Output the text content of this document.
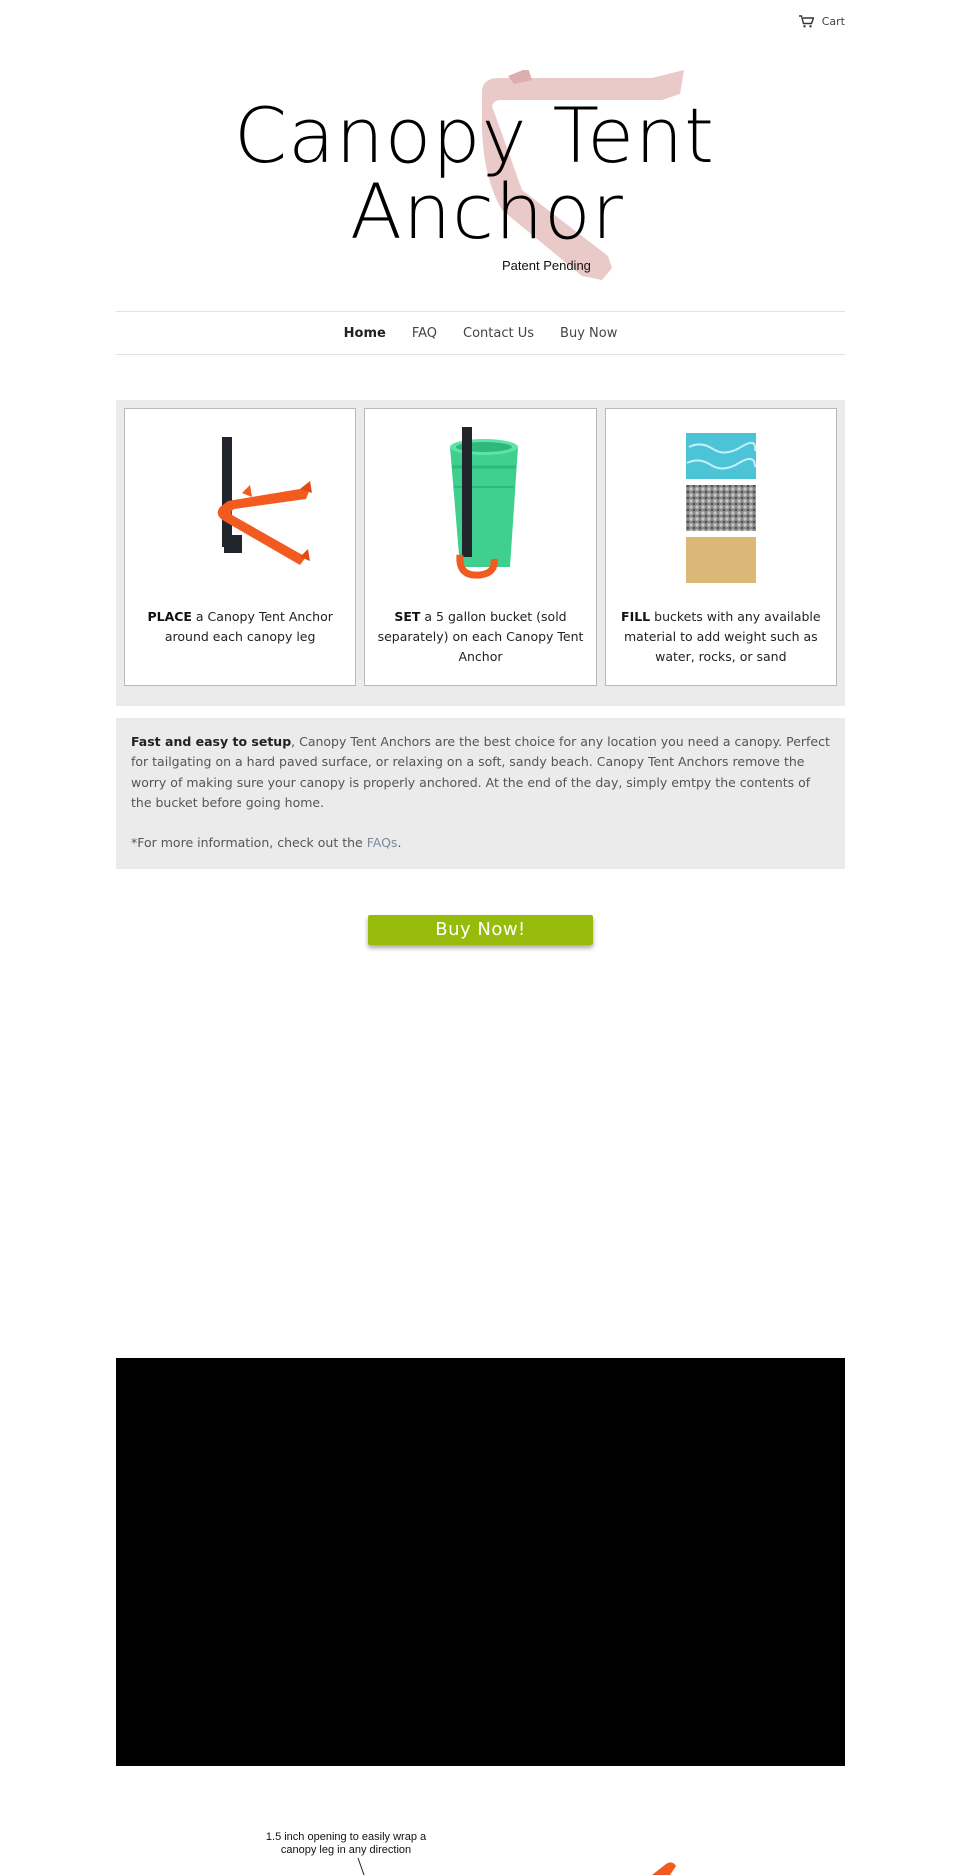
Cart
Canopy Tent
Anchor
Patent Pending
Home FAQ Contact Us Buy Now
PLACE a Canopy Tent Anchor around each canopy leg
SET a 5 gallon bucket (sold separately) on each Canopy Tent Anchor
FILL buckets with any available material to add weight such as water, rocks, or sand

Fast and easy to setup, Canopy Tent Anchors are the best choice for any location you need a canopy. Perfect for tailgating on a hard paved surface, or relaxing on a soft, sandy beach. Canopy Tent Anchors remove the worry of making sure your canopy is properly anchored. At the end of the day, simply emtpy the contents of the bucket before going home.

*For more information, check out the FAQs.

Buy Now!
1.5 inch opening to easily wrap a canopy leg in any direction
